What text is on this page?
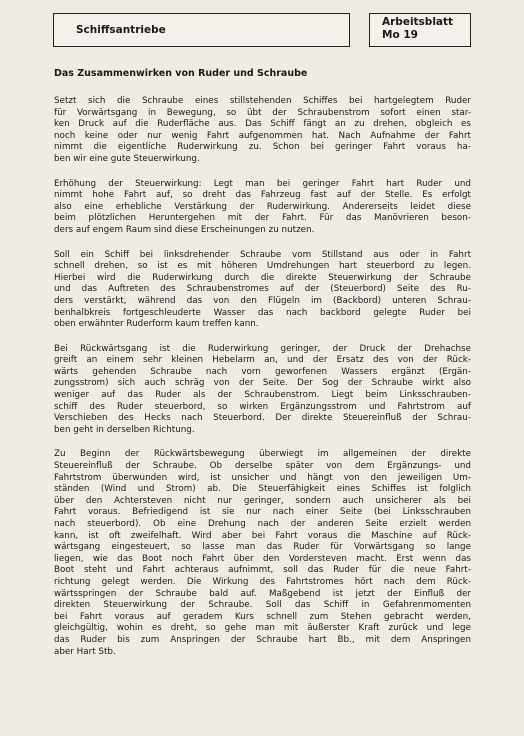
Schiffsantriebe
Arbeitsblatt
Mo 19
Das Zusammenwirken von Ruder und Schraube
Setzt sich die Schraube eines stillstehenden Schiffes bei hartgelegtem Ruder
für Vorwärtsgang in Bewegung, so übt der Schraubenstrom sofort einen star-
ken Druck auf die Ruderfläche aus. Das Schiff fängt an zu drehen, obgleich es
noch keine oder nur wenig Fahrt aufgenommen hat. Nach Aufnahme der Fahrt
nimmt die eigentliche Ruderwirkung zu. Schon bei geringer Fahrt voraus ha-
ben wir eine gute Steuerwirkung.
Erhöhung der Steuerwirkung: Legt man bei geringer Fahrt hart Ruder und
nimmt hohe Fahrt auf, so dreht das Fahrzeug fast auf der Stelle. Es erfolgt
also eine erhebliche Verstärkung der Ruderwirkung. Andererseits leidet diese
beim plötzlichen Heruntergehen mit der Fahrt. Für das Manövrieren beson-
ders auf engem Raum sind diese Erscheinungen zu nutzen.
Soll ein Schiff bei linksdrehender Schraube vom Stillstand aus oder in Fahrt
schnell drehen, so ist es mit höheren Umdrehungen hart steuerbord zu legen.
Hierbei wird die Ruderwirkung durch die direkte Steuerwirkung der Schraube
und das Auftreten des Schraubenstromes auf der (Steuerbord) Seite des Ru-
ders verstärkt, während das von den Flügeln im (Backbord) unteren Schrau-
benhalbkreis fortgeschleuderte Wasser das nach backbord gelegte Ruder bei
oben erwähnter Ruderform kaum treffen kann.
Bei Rückwärtsgang ist die Ruderwirkung geringer, der Druck der Drehachse
greift an einem sehr kleinen Hebelarm an, und der Ersatz des von der Rück-
wärts gehenden Schraube nach vorn geworfenen Wassers ergänzt (Ergän-
zungsstrom) sich auch schräg von der Seite. Der Sog der Schraube wirkt also
weniger auf das Ruder als der Schraubenstrom. Liegt beim Linksschrauben-
schiff des Ruder steuerbord, so wirken Ergänzungsstrom und Fahrtstrom auf
Verschieben des Hecks nach Steuerbord. Der direkte Steuereinfluß der Schrau-
ben geht in derselben Richtung.
Zu Beginn der Rückwärtsbewegung überwiegt im allgemeinen der direkte
Steuereinfluß der Schraube. Ob derselbe später von dem Ergänzungs- und
Fahrtstrom überwunden wird, ist unsicher und hängt von den jeweiligen Um-
ständen (Wind und Strom) ab. Die Steuerfähigkeit eines Schiffes ist folglich
über den Achtersteven nicht nur geringer, sondern auch unsicherer als bei
Fahrt voraus. Befriedigend ist sie nur nach einer Seite (bei Linksschrauben
nach steuerbord). Ob eine Drehung nach der anderen Seite erzielt werden
kann, ist oft zweifelhaft. Wird aber bei Fahrt voraus die Maschine auf Rück-
wärtsgang eingesteuert, so lasse man das Ruder für Vorwärtsgang so lange
liegen, wie das Boot noch Fahrt über den Vordersteven macht. Erst wenn das
Boot steht und Fahrt achteraus aufnimmt, soll das Ruder für die neue Fahrt-
richtung gelegt werden. Die Wirkung des Fahrtstromes hört nach dem Rück-
wärtsspringen der Schraube bald auf. Maßgebend ist jetzt der Einfluß der
direkten Steuerwirkung der Schraube. Soll das Schiff in Gefahrenmomenten
bei Fahrt voraus auf geradem Kurs schnell zum Stehen gebracht werden,
gleichgültig, wohin es dreht, so gehe man mit äußerster Kraft zurück und lege
das Ruder bis zum Anspringen der Schraube hart Bb., mit dem Anspringen
aber Hart Stb.
